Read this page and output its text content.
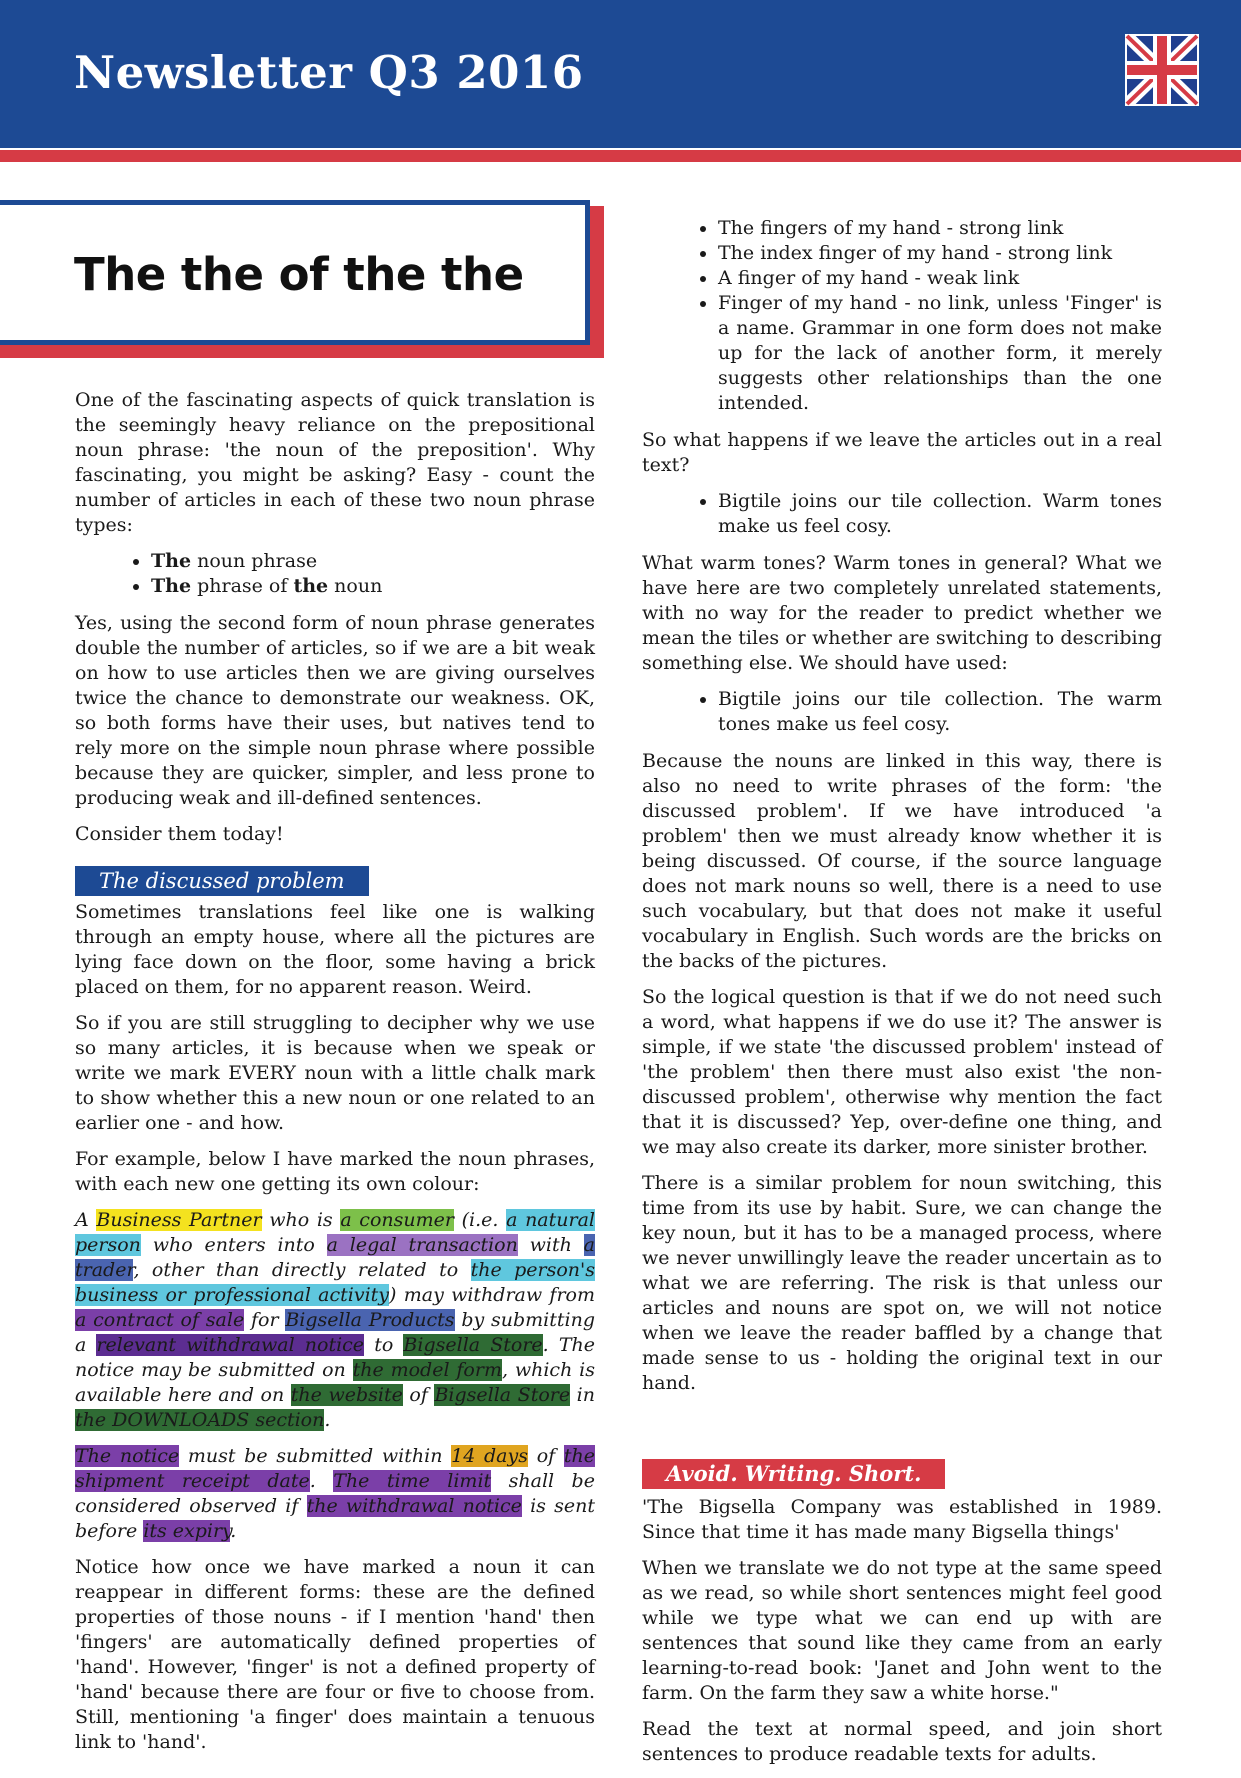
Newsletter Q3 2016
The the of the the

One of the fascinating aspects of quick translation is the seemingly heavy reliance on the prepositional noun phrase: 'the noun of the preposition'. Why fascinating, you might be asking? Easy - count the number of articles in each of these two noun phrase types:

• The noun phrase
• The phrase of the noun

Yes, using the second form of noun phrase generates double the number of articles, so if we are a bit weak on how to use articles then we are giving ourselves twice the chance to demonstrate our weakness. OK, so both forms have their uses, but natives tend to rely more on the simple noun phrase where possible because they are quicker, simpler, and less prone to producing weak and ill-defined sentences.

Consider them today!

The discussed problem

Sometimes translations feel like one is walking through an empty house, where all the pictures are lying face down on the floor, some having a brick placed on them, for no apparent reason. Weird.

So if you are still struggling to decipher why we use so many articles, it is because when we speak or write we mark EVERY noun with a little chalk mark to show whether this a new noun or one related to an earlier one - and how.

For example, below I have marked the noun phrases, with each new one getting its own colour:

A Business Partner who is a consumer (i.e. a natural person who enters into a legal transaction with a trader, other than directly related to the person's business or professional activity) may withdraw from a contract of sale for Bigsella Products by submitting a relevant withdrawal notice to Bigsella Store. The notice may be submitted on the model form, which is available here and on the website of Bigsella Store in the DOWNLOADS section.

The notice must be submitted within 14 days of the shipment receipt date. The time limit shall be considered observed if the withdrawal notice is sent before its expiry.

Notice how once we have marked a noun it can reappear in different forms: these are the defined properties of those nouns - if I mention 'hand' then 'fingers' are automatically defined properties of 'hand'. However, 'finger' is not a defined property of 'hand' because there are four or five to choose from. Still, mentioning 'a finger' does maintain a tenuous link to 'hand'.

• The fingers of my hand - strong link
• The index finger of my hand - strong link
• A finger of my hand - weak link
• Finger of my hand - no link, unless 'Finger' is a name. Grammar in one form does not make up for the lack of another form, it merely suggests other relationships than the one intended.

So what happens if we leave the articles out in a real text?

• Bigtile joins our tile collection. Warm tones make us feel cosy.

What warm tones? Warm tones in general? What we have here are two completely unrelated statements, with no way for the reader to predict whether we mean the tiles or whether are switching to describing something else. We should have used:

• Bigtile joins our tile collection. The warm tones make us feel cosy.

Because the nouns are linked in this way, there is also no need to write phrases of the form: 'the discussed problem'. If we have introduced 'a problem' then we must already know whether it is being discussed. Of course, if the source language does not mark nouns so well, there is a need to use such vocabulary, but that does not make it useful vocabulary in English. Such words are the bricks on the backs of the pictures.

So the logical question is that if we do not need such a word, what happens if we do use it? The answer is simple, if we state 'the discussed problem' instead of 'the problem' then there must also exist 'the non-discussed problem', otherwise why mention the fact that it is discussed? Yep, over-define one thing, and we may also create its darker, more sinister brother.

There is a similar problem for noun switching, this time from its use by habit. Sure, we can change the key noun, but it has to be a managed process, where we never unwillingly leave the reader uncertain as to what we are referring. The risk is that unless our articles and nouns are spot on, we will not notice when we leave the reader baffled by a change that made sense to us - holding the original text in our hand.

Avoid. Writing. Short.

'The Bigsella Company was established in 1989. Since that time it has made many Bigsella things'

When we translate we do not type at the same speed as we read, so while short sentences might feel good while we type what we can end up with are sentences that sound like they came from an early learning-to-read book: 'Janet and John went to the farm. On the farm they saw a white horse."

Read the text at normal speed, and join short sentences to produce readable texts for adults.
